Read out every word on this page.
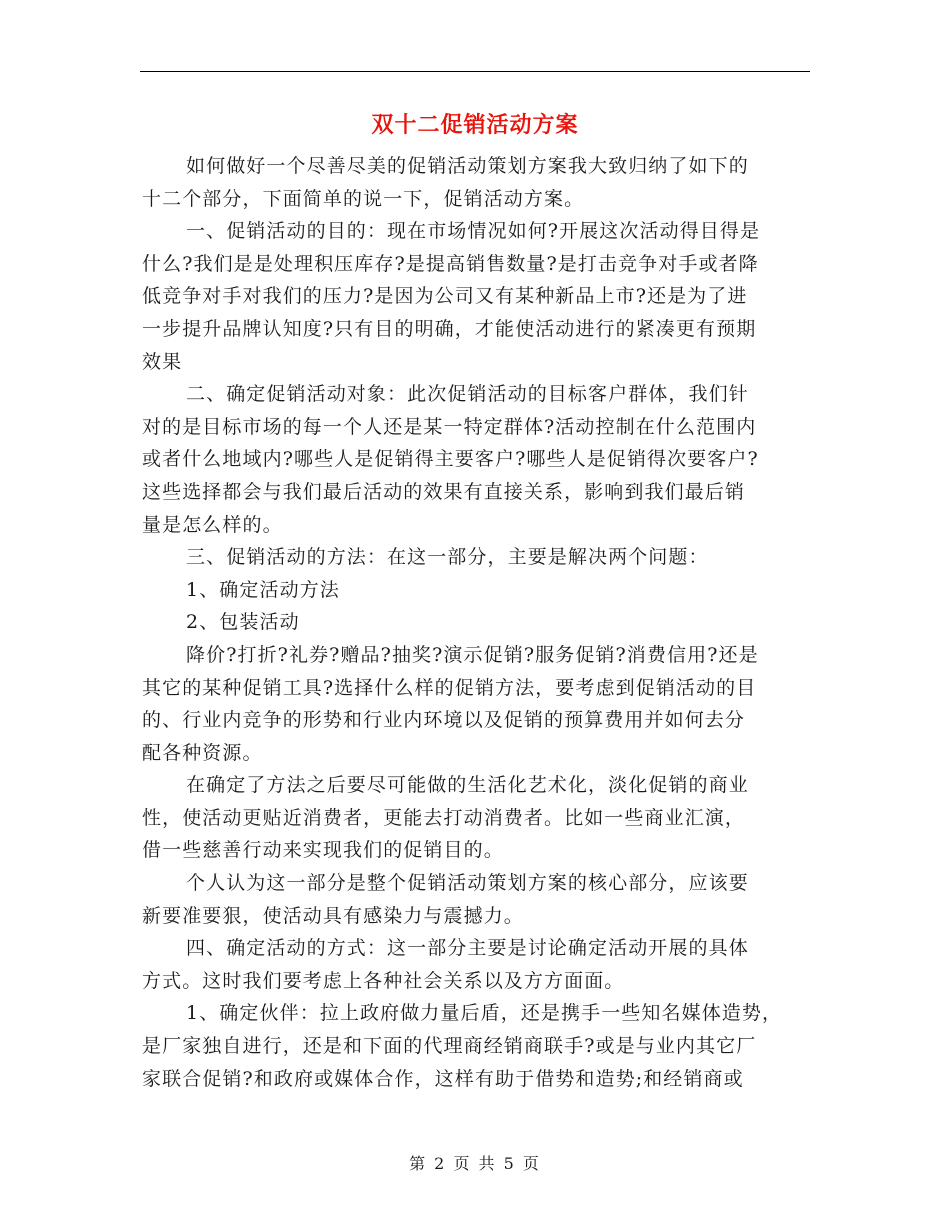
双十二促销活动方案
如何做好一个尽善尽美的促销活动策划方案我大致归纳了如下的
十二个部分，下面简单的说一下，促销活动方案。
一、促销活动的目的：现在市场情况如何?开展这次活动得目得是
什么?我们是是处理积压库存?是提高销售数量?是打击竞争对手或者降
低竞争对手对我们的压力?是因为公司又有某种新品上市?还是为了进
一步提升品牌认知度?只有目的明确，才能使活动进行的紧凑更有预期
效果
二、确定促销活动对象：此次促销活动的目标客户群体，我们针
对的是目标市场的每一个人还是某一特定群体?活动控制在什么范围内
或者什么地域内?哪些人是促销得主要客户?哪些人是促销得次要客户?
这些选择都会与我们最后活动的效果有直接关系，影响到我们最后销
量是怎么样的。
三、促销活动的方法：在这一部分，主要是解决两个问题：
1、确定活动方法
2、包装活动
降价?打折?礼券?赠品?抽奖?演示促销?服务促销?消费信用?还是
其它的某种促销工具?选择什么样的促销方法，要考虑到促销活动的目
的、行业内竞争的形势和行业内环境以及促销的预算费用并如何去分
配各种资源。
在确定了方法之后要尽可能做的生活化艺术化，淡化促销的商业
性，使活动更贴近消费者，更能去打动消费者。比如一些商业汇演，
借一些慈善行动来实现我们的促销目的。
个人认为这一部分是整个促销活动策划方案的核心部分，应该要
新要准要狠，使活动具有感染力与震撼力。
四、确定活动的方式：这一部分主要是讨论确定活动开展的具体
方式。这时我们要考虑上各种社会关系以及方方面面。
1、确定伙伴：拉上政府做力量后盾，还是携手一些知名媒体造势，
是厂家独自进行，还是和下面的代理商经销商联手?或是与业内其它厂
家联合促销?和政府或媒体合作，这样有助于借势和造势;和经销商或
第 2 页 共 5 页
